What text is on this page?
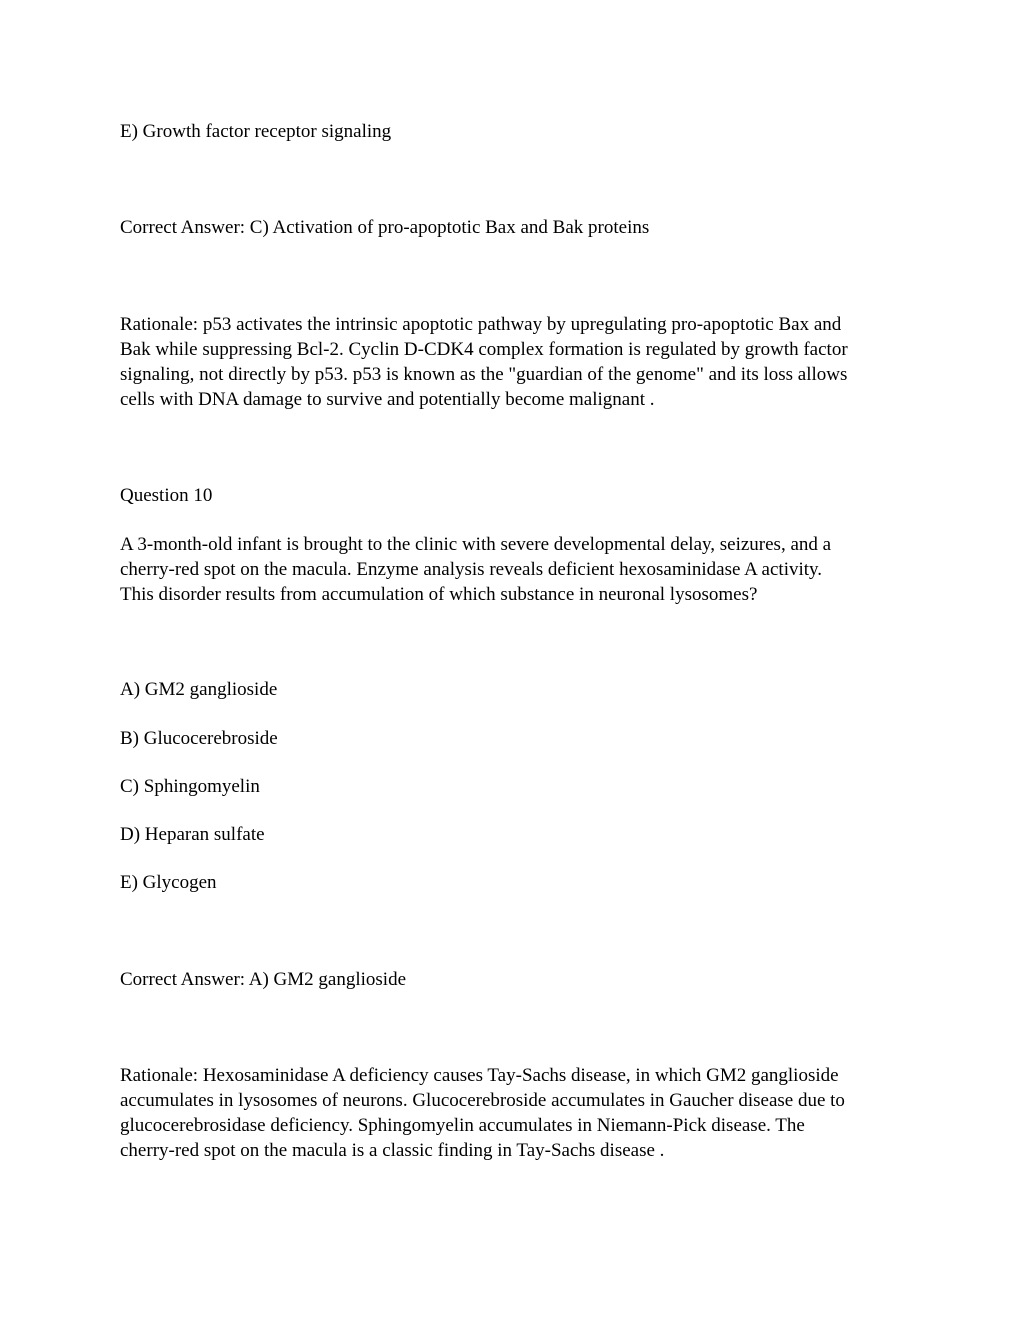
E) Growth factor receptor signaling

Correct Answer: C) Activation of pro-apoptotic Bax and Bak proteins

Rationale: p53 activates the intrinsic apoptotic pathway by upregulating pro-apoptotic Bax and
Bak while suppressing Bcl-2. Cyclin D-CDK4 complex formation is regulated by growth factor
signaling, not directly by p53. p53 is known as the "guardian of the genome" and its loss allows
cells with DNA damage to survive and potentially become malignant .

Question 10

A 3-month-old infant is brought to the clinic with severe developmental delay, seizures, and a
cherry-red spot on the macula. Enzyme analysis reveals deficient hexosaminidase A activity.
This disorder results from accumulation of which substance in neuronal lysosomes?

A) GM2 ganglioside

B) Glucocerebroside

C) Sphingomyelin

D) Heparan sulfate

E) Glycogen

Correct Answer: A) GM2 ganglioside

Rationale: Hexosaminidase A deficiency causes Tay-Sachs disease, in which GM2 ganglioside
accumulates in lysosomes of neurons. Glucocerebroside accumulates in Gaucher disease due to
glucocerebrosidase deficiency. Sphingomyelin accumulates in Niemann-Pick disease. The
cherry-red spot on the macula is a classic finding in Tay-Sachs disease .
